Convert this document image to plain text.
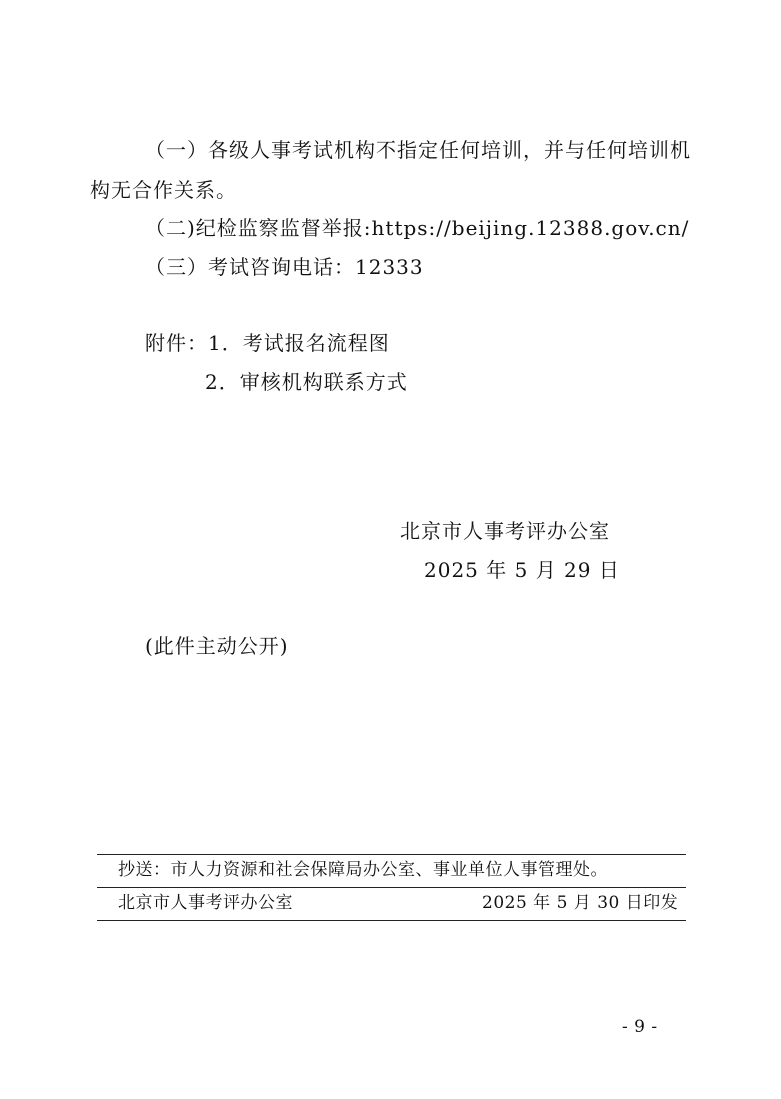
（一）各级人事考试机构不指定任何培训，并与任何培训机
构无合作关系。
（二)纪检监察监督举报:https://beijing.12388.gov.cn/
（三）考试咨询电话：12333
附件：1．考试报名流程图
2．审核机构联系方式
北京市人事考评办公室
2025 年 5 月 29 日
(此件主动公开)
抄送：市人力资源和社会保障局办公室、事业单位人事管理处。
北京市人事考评办公室	2025 年 5 月 30 日印发
- 9 -
